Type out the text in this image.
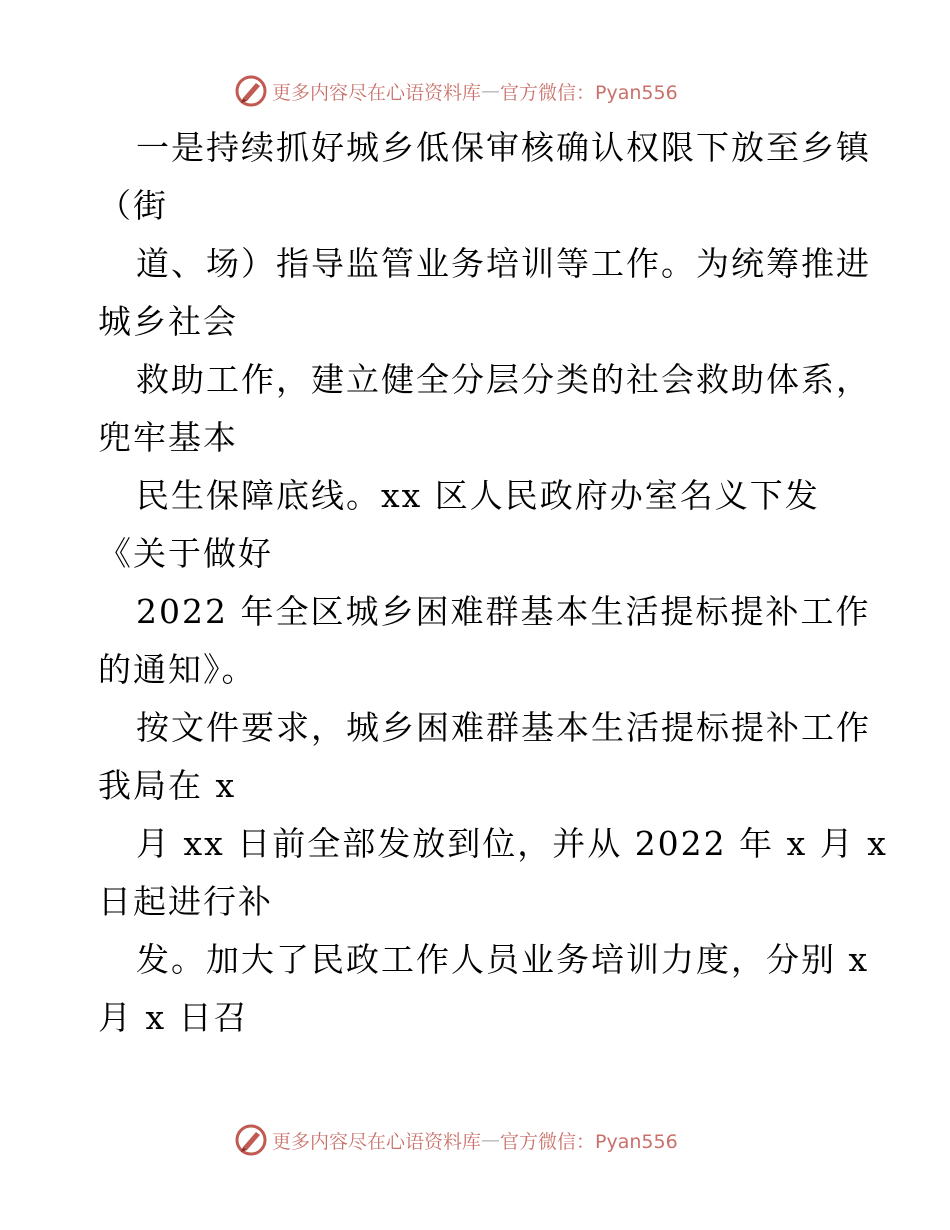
更多内容尽在心语资料库 — 官方微信：Pyan556
一是持续抓好城乡低保审核确认权限下放至乡镇
（街
道、场）指导监管业务培训等工作。为统筹推进
城乡社会
救助工作，建立健全分层分类的社会救助体系，
兜牢基本
民生保障底线。xx 区人民政府办室名义下发
《关于做好
2022 年全区城乡困难群基本生活提标提补工作
的通知》。
按文件要求，城乡困难群基本生活提标提补工作
我局在 x
月 xx 日前全部发放到位，并从 2022 年 x 月 x
日起进行补
发。加大了民政工作人员业务培训力度，分别 x
月 x 日召
更多内容尽在心语资料库 — 官方微信：Pyan556
